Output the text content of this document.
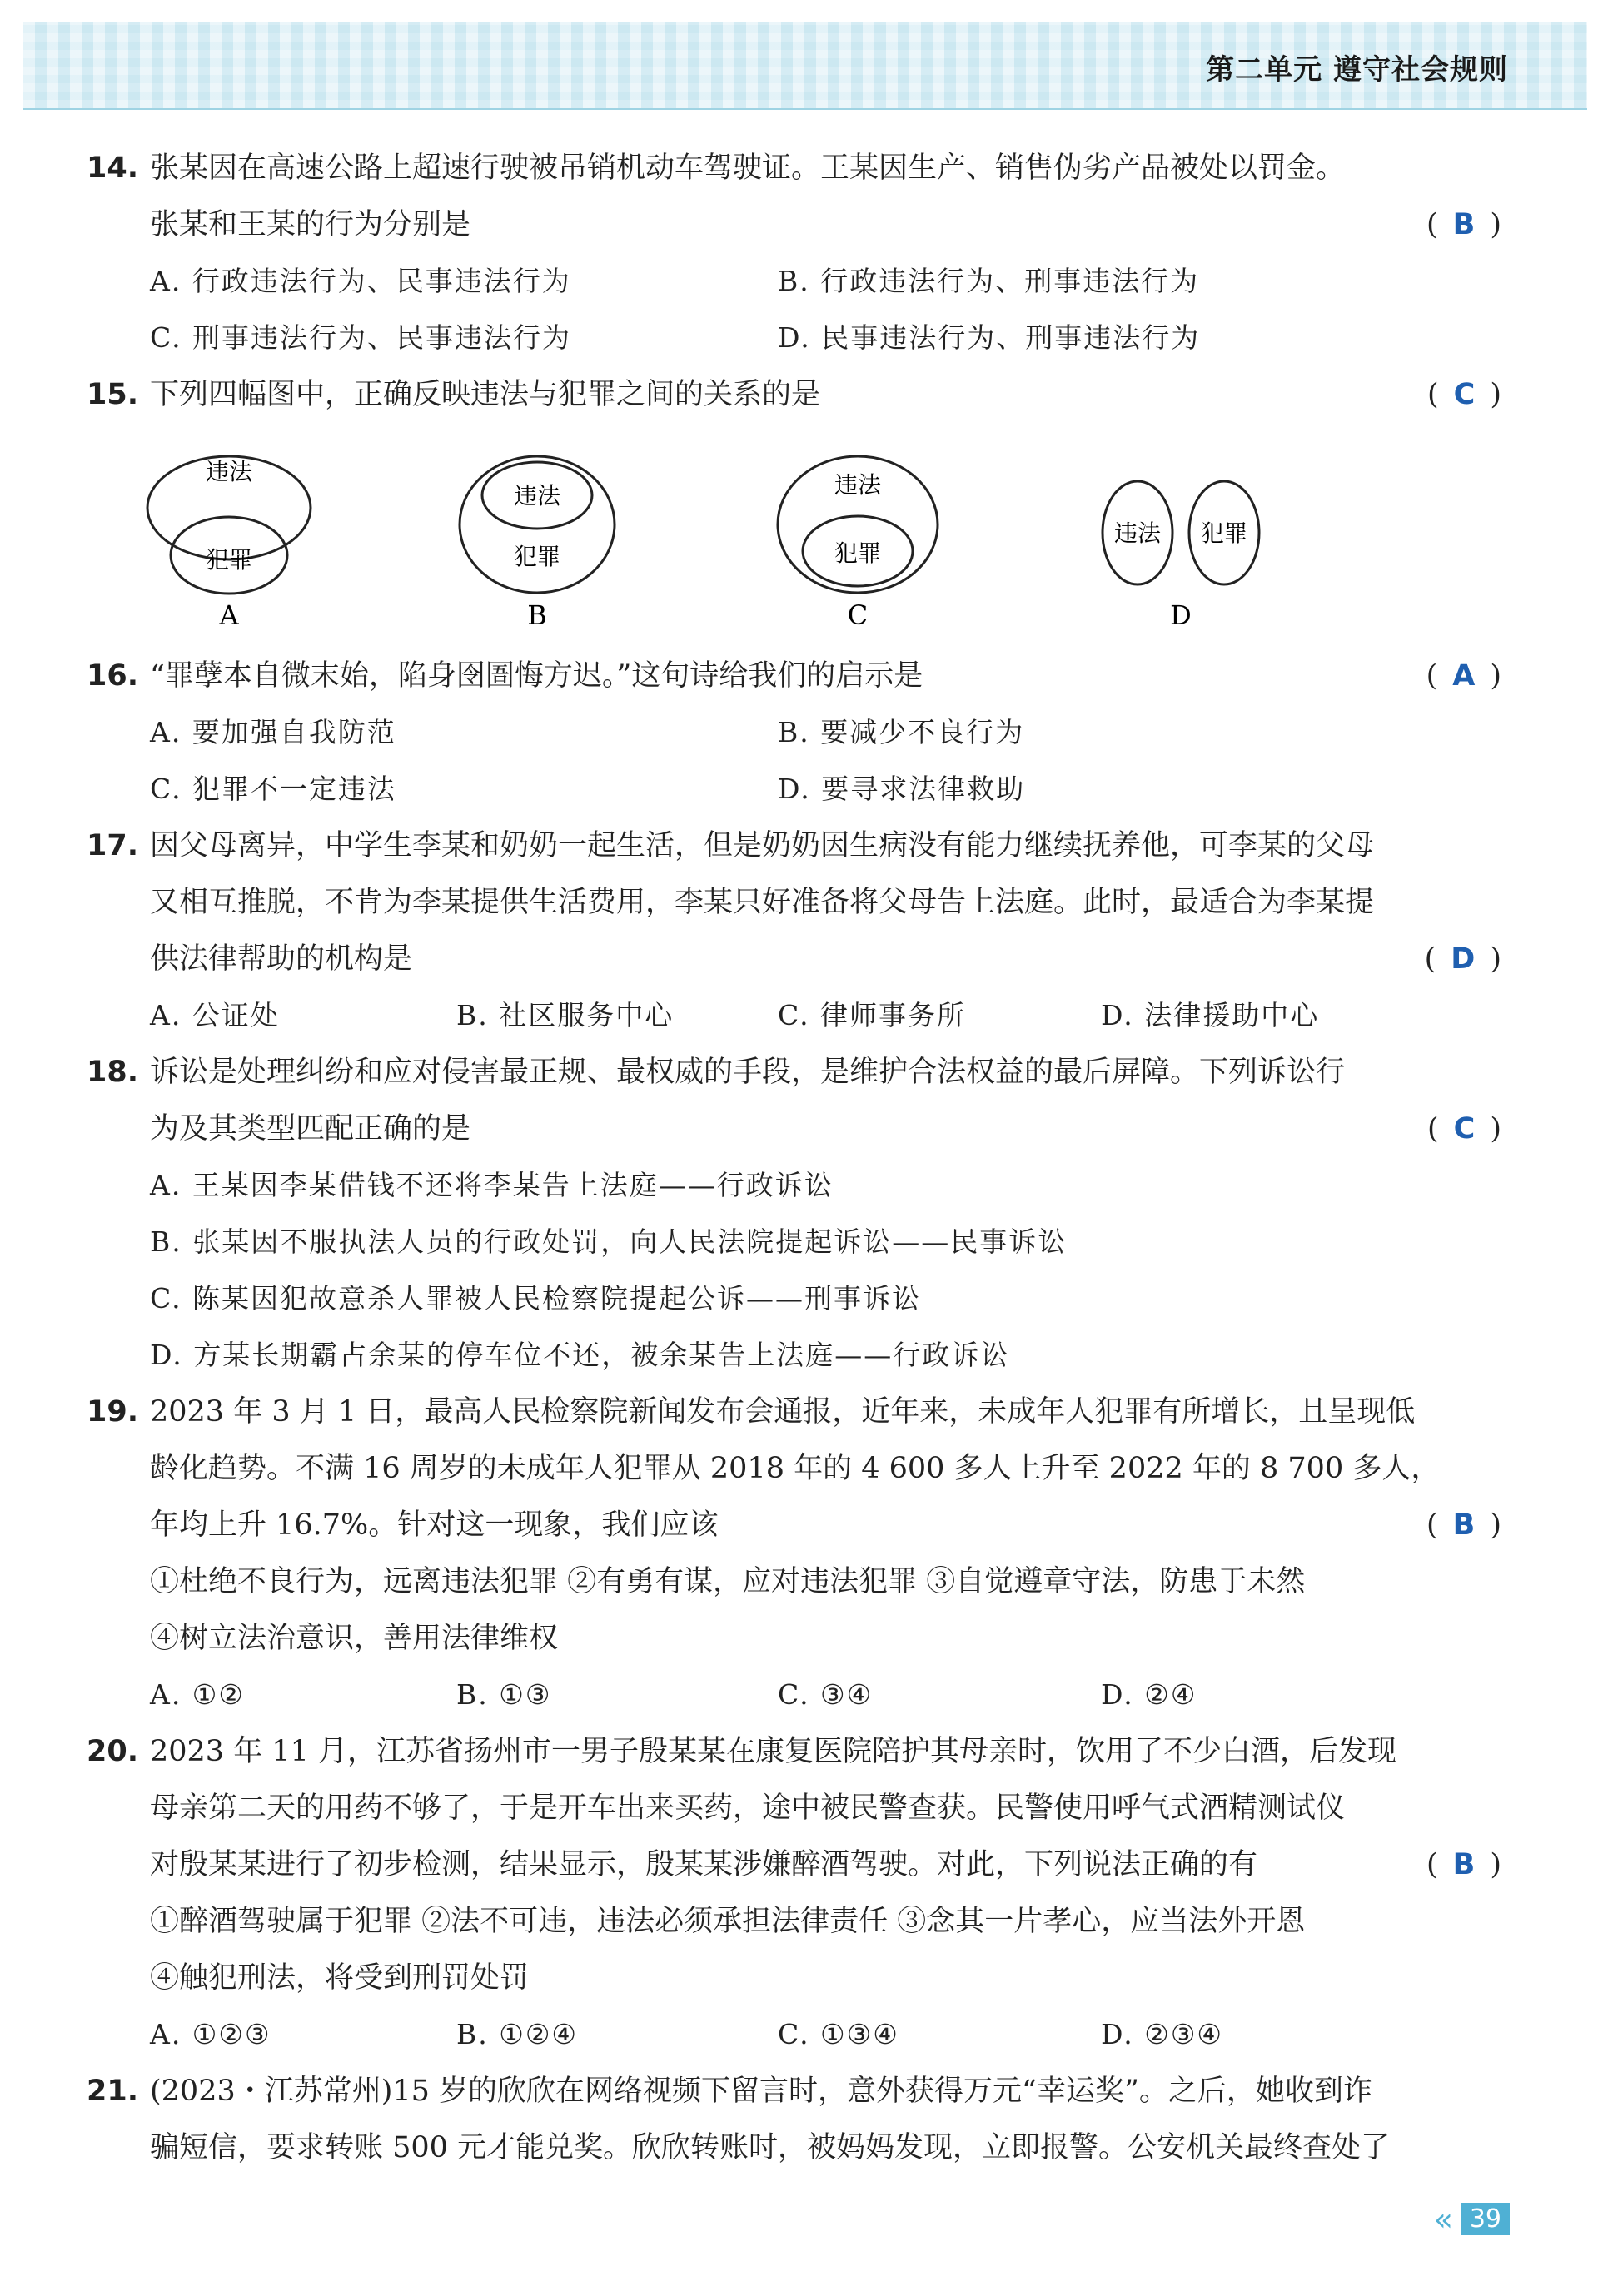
第二单元 遵守社会规则
14. 张某因在高速公路上超速行驶被吊销机动车驾驶证。王某因生产、销售伪劣产品被处以罚金。
张某和王某的行为分别是	( B )
A. 行政违法行为、民事违法行为	B. 行政违法行为、刑事违法行为
C. 刑事违法行为、民事违法行为	D. 民事违法行为、刑事违法行为
15. 下列四幅图中，正确反映违法与犯罪之间的关系的是	( C )
违法
犯罪
违法
犯罪
违法
犯罪
违法 犯罪
A	B	C	D
16. “罪孽本自微末始，陷身囹圄悔方迟。”这句诗给我们的启示是	( A )
A. 要加强自我防范	B. 要减少不良行为
C. 犯罪不一定违法	D. 要寻求法律救助
17. 因父母离异，中学生李某和奶奶一起生活，但是奶奶因生病没有能力继续抚养他，可李某的父母
又相互推脱，不肯为李某提供生活费用，李某只好准备将父母告上法庭。此时，最适合为李某提
供法律帮助的机构是	( D )
A. 公证处	B. 社区服务中心	C. 律师事务所	D. 法律援助中心
18. 诉讼是处理纠纷和应对侵害最正规、最权威的手段，是维护合法权益的最后屏障。下列诉讼行
为及其类型匹配正确的是	( C )
A. 王某因李某借钱不还将李某告上法庭——行政诉讼
B. 张某因不服执法人员的行政处罚，向人民法院提起诉讼——民事诉讼
C. 陈某因犯故意杀人罪被人民检察院提起公诉——刑事诉讼
D. 方某长期霸占余某的停车位不还，被余某告上法庭——行政诉讼
19. 2023 年 3 月 1 日，最高人民检察院新闻发布会通报，近年来，未成年人犯罪有所增长，且呈现低
龄化趋势。不满 16 周岁的未成年人犯罪从 2018 年的 4 600 多人上升至 2022 年的 8 700 多人，
年均上升 16.7%。针对这一现象，我们应该	( B )
①杜绝不良行为，远离违法犯罪 ②有勇有谋，应对违法犯罪 ③自觉遵章守法，防患于未然
④树立法治意识，善用法律维权
A. ①②	B. ①③	C. ③④	D. ②④
20. 2023 年 11 月，江苏省扬州市一男子殷某某在康复医院陪护其母亲时，饮用了不少白酒，后发现
母亲第二天的用药不够了，于是开车出来买药，途中被民警查获。民警使用呼气式酒精测试仪
对殷某某进行了初步检测，结果显示，殷某某涉嫌醉酒驾驶。对此，下列说法正确的有	( B )
①醉酒驾驶属于犯罪 ②法不可违，违法必须承担法律责任 ③念其一片孝心，应当法外开恩
④触犯刑法，将受到刑罚处罚
A. ①②③	B. ①②④	C. ①③④	D. ②③④
21. (2023・江苏常州)15 岁的欣欣在网络视频下留言时，意外获得万元“幸运奖”。之后，她收到诈
骗短信，要求转账 500 元才能兑奖。欣欣转账时，被妈妈发现，立即报警。公安机关最终查处了
« 39
